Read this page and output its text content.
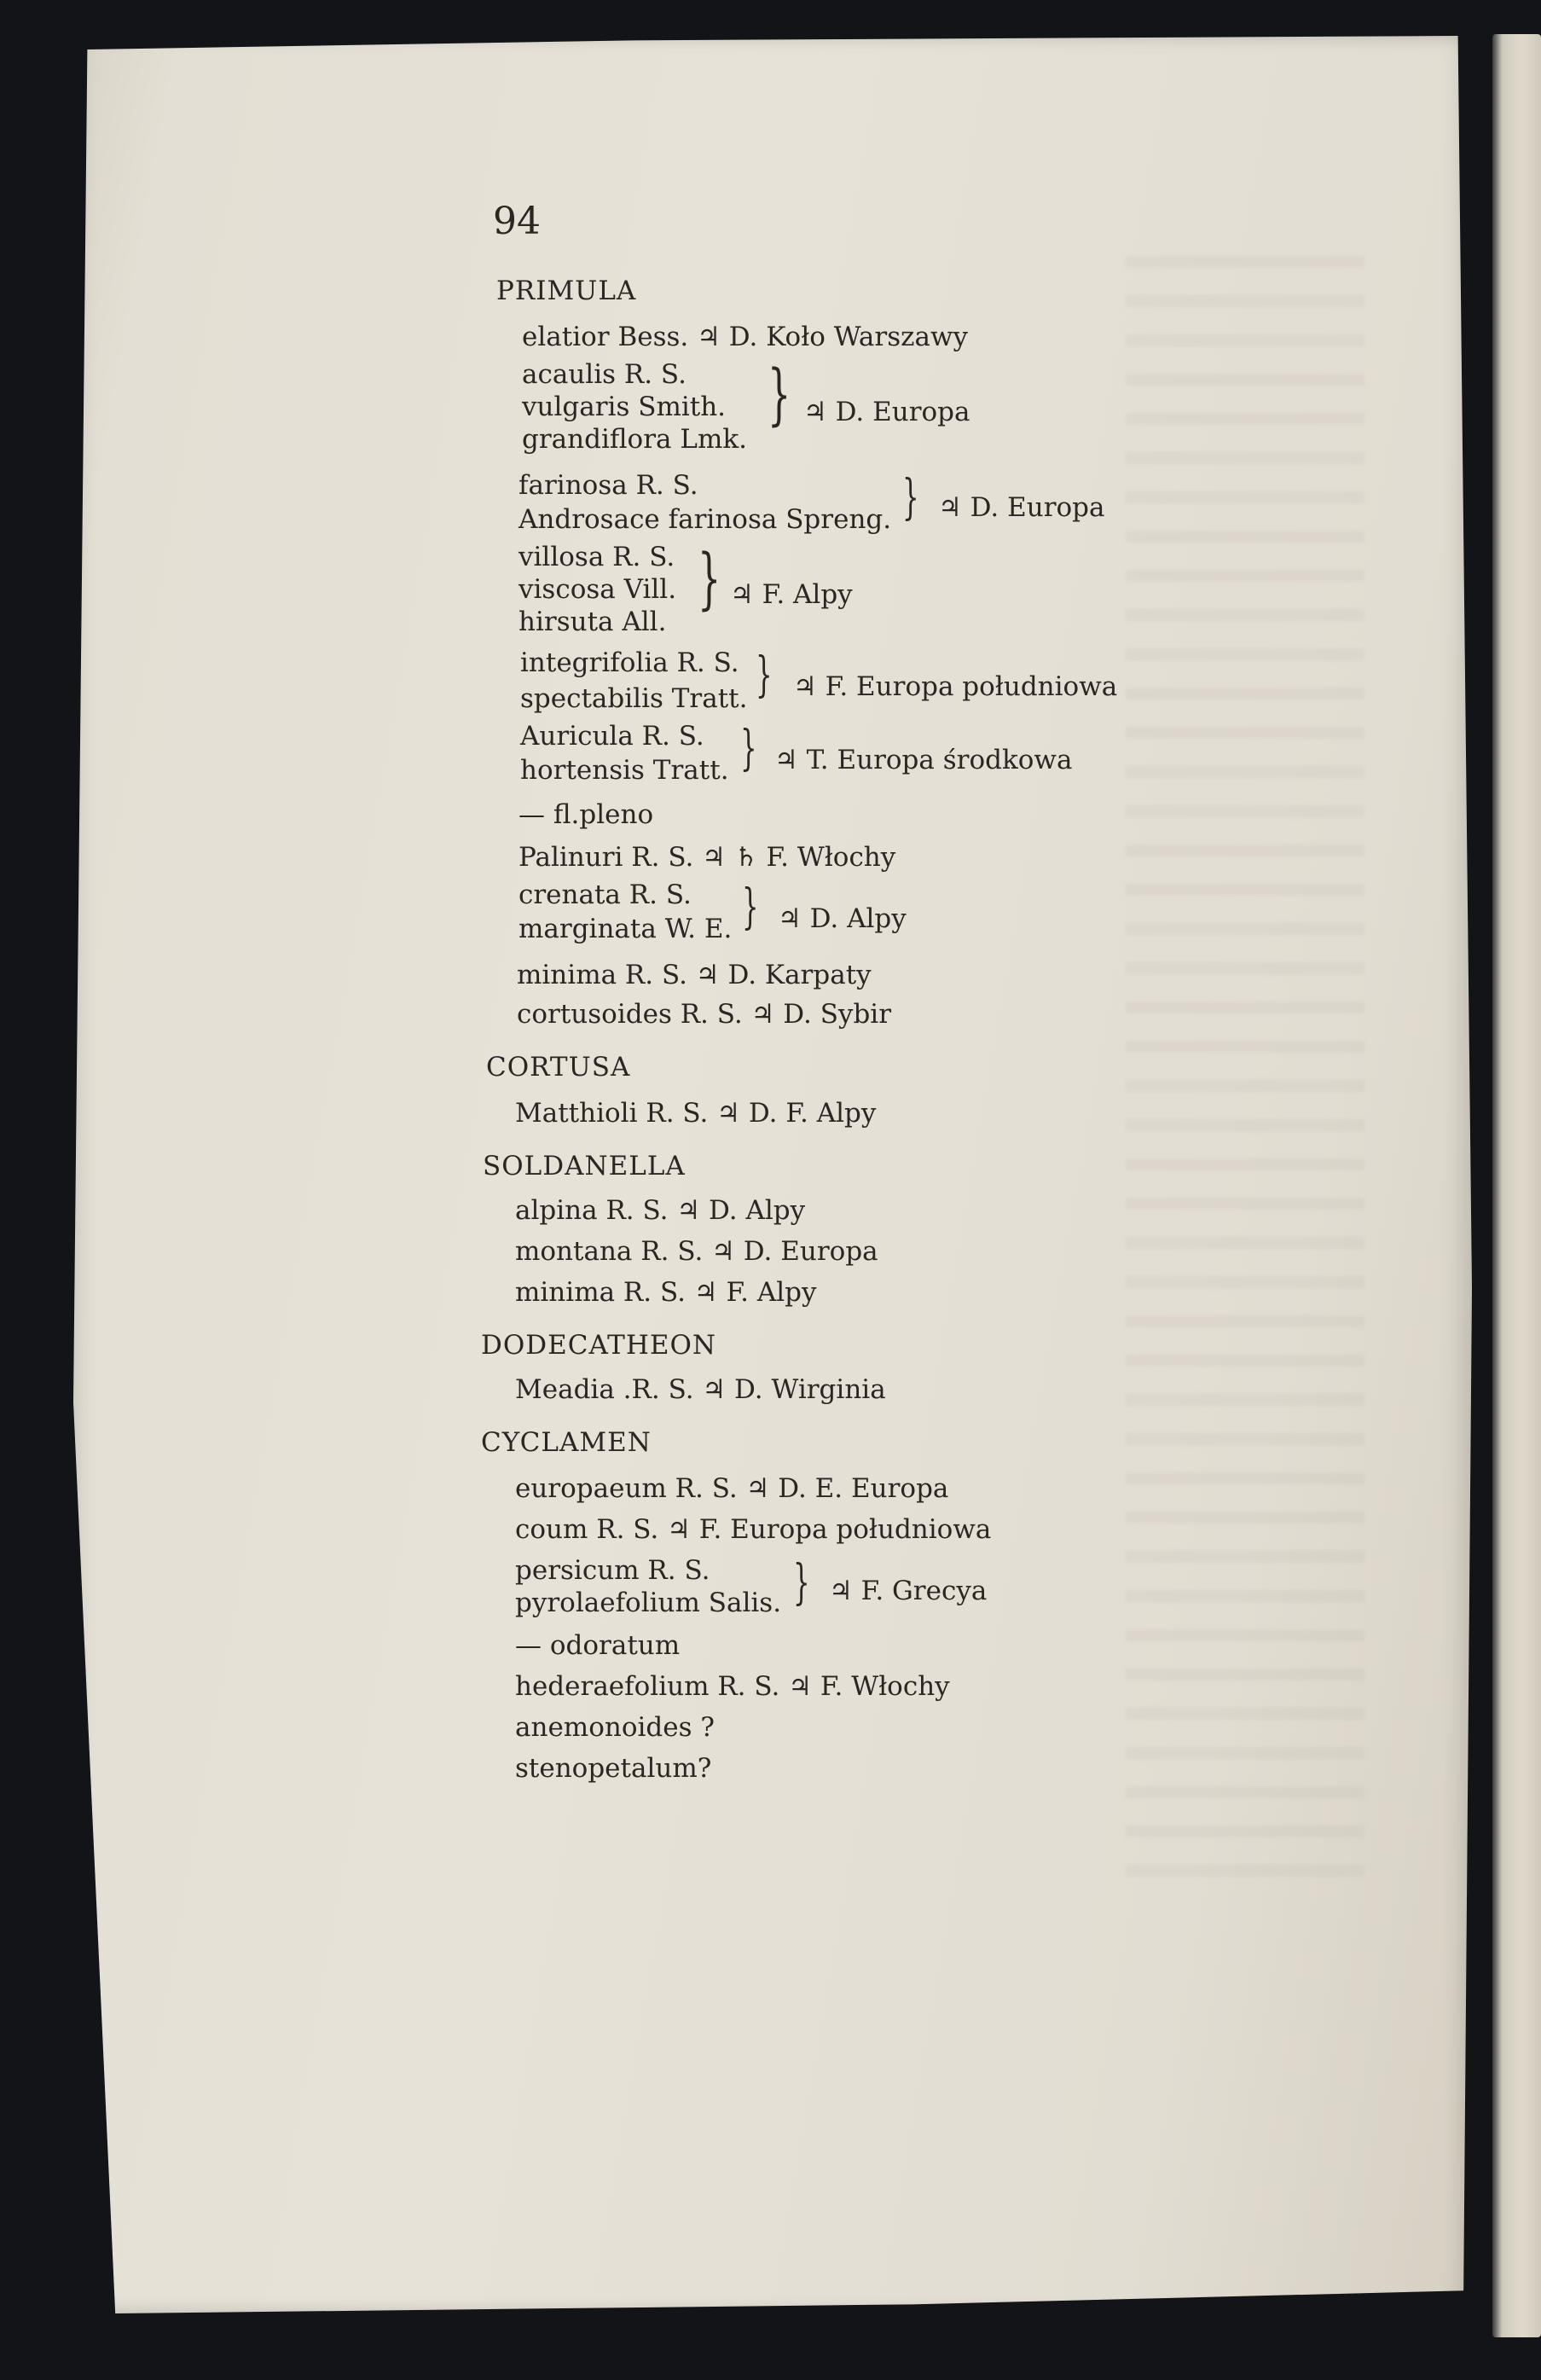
94
PRIMULA
elatior Bess. ♃ D. Koło Warszawy
acaulis R. S.
vulgaris Smith.
grandiflora Lmk.
} ♃ D. Europa
farinosa R. S.
Androsace farinosa Spreng. } ♃ D. Europa
villosa R. S.
viscosa Vill.
hirsuta All.
} ♃ F. Alpy
integrifolia R. S.
spectabilis Tratt. } ♃ F. Europa południowa
Auricula R. S.
hortensis Tratt. } ♃ T. Europa środkowa
— fl.pleno
Palinuri R. S. ♃ ♄ F. Włochy
crenata R. S.
marginata W. E. } ♃ D. Alpy
minima R. S. ♃ D. Karpaty
cortusoides R. S. ♃ D. Sybir
CORTUSA
Matthioli R. S. ♃ D. F. Alpy
SOLDANELLA
alpina R. S. ♃ D. Alpy
montana R. S. ♃ D. Europa
minima R. S. ♃ F. Alpy
DODECATHEON
Meadia .R. S. ♃ D. Wirginia
CYCLAMEN
europaeum R. S. ♃ D. E. Europa
coum R. S. ♃ F. Europa południowa
persicum R. S.
pyrolaefolium Salis. } ♃ F. Grecya
— odoratum
hederaefolium R. S. ♃ F. Włochy
anemonoides ?
stenopetalum?
